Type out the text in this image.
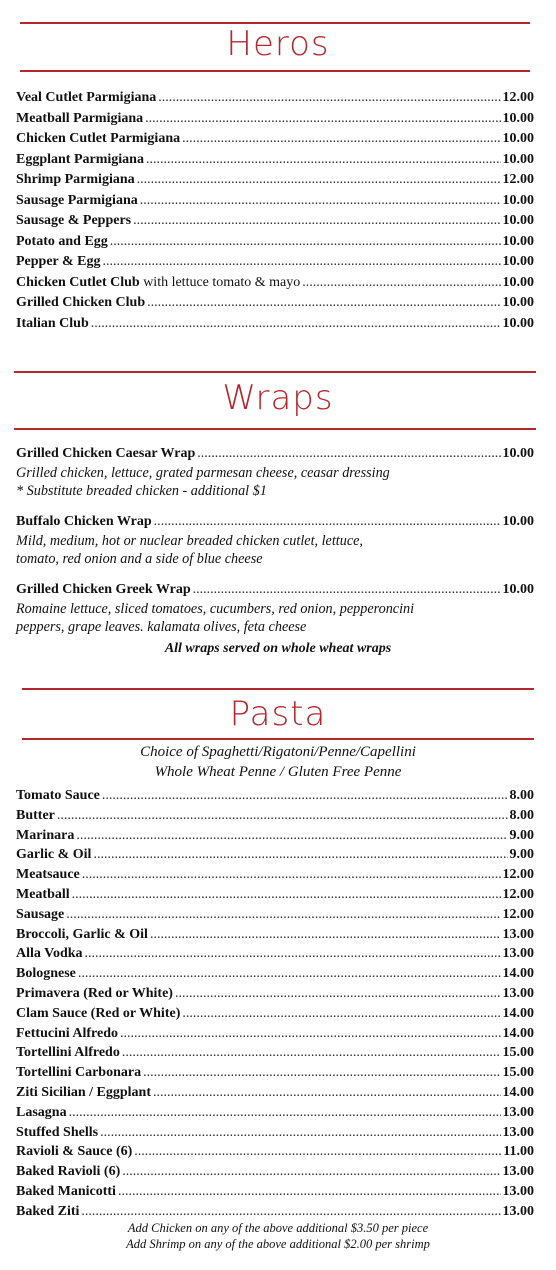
Heros
Veal Cutlet Parmigiana .....	12.00
Meatball Parmigiana .....	10.00
Chicken Cutlet Parmigiana .....	10.00
Eggplant Parmigiana .....	10.00
Shrimp Parmigiana .....	12.00
Sausage Parmigiana .....	10.00
Sausage & Peppers .....	10.00
Potato and Egg .....	10.00
Pepper & Egg .....	10.00
Chicken Cutlet Club with lettuce tomato & mayo .....	10.00
Grilled Chicken Club .....	10.00
Italian Club .....	10.00
Wraps
Grilled Chicken Caesar Wrap .....	10.00
Grilled chicken, lettuce, grated parmesan cheese, ceasar dressing
* Substitute breaded chicken - additional $1
Buffalo Chicken Wrap .....	10.00
Mild, medium, hot or nuclear breaded chicken cutlet, lettuce,
tomato, red onion and a side of blue cheese
Grilled Chicken Greek Wrap .....	10.00
Romaine lettuce, sliced tomatoes, cucumbers, red onion, pepperoncini
peppers, grape leaves. kalamata olives, feta cheese
All wraps served on whole wheat wraps
Pasta
Choice of Spaghetti/Rigatoni/Penne/Capellini
Whole Wheat Penne / Gluten Free Penne
Tomato Sauce .....	8.00
Butter .....	8.00
Marinara .....	9.00
Garlic & Oil .....	9.00
Meatsauce .....	12.00
Meatball .....	12.00
Sausage .....	12.00
Broccoli, Garlic & Oil .....	13.00
Alla Vodka .....	13.00
Bolognese .....	14.00
Primavera (Red or White) .....	13.00
Clam Sauce (Red or White) .....	14.00
Fettucini Alfredo .....	14.00
Tortellini Alfredo .....	15.00
Tortellini Carbonara .....	15.00
Ziti Sicilian / Eggplant .....	14.00
Lasagna .....	13.00
Stuffed Shells .....	13.00
Ravioli & Sauce (6) .....	11.00
Baked Ravioli (6) .....	13.00
Baked Manicotti .....	13.00
Baked Ziti .....	13.00
Add Chicken on any of the above additional $3.50 per piece
Add Shrimp on any of the above additional $2.00 per shrimp
